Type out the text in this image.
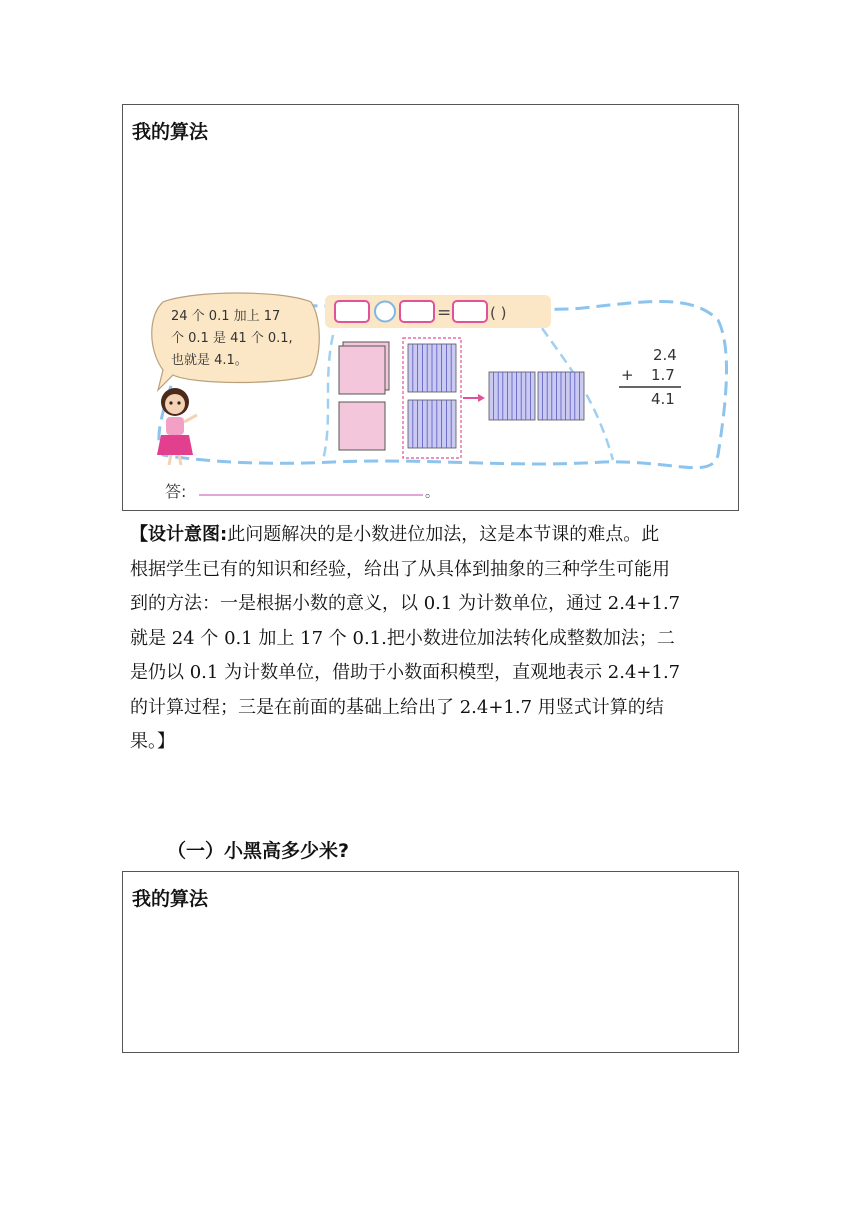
我的算法
24 个 0.1 加上 17 个 0.1 是 41 个 0.1, 也就是 4.1。
=	( )
2.4
+ 1.7
4.1
答:	。
【设计意图:此问题解决的是小数进位加法，这是本节课的难点。此
根据学生已有的知识和经验，给出了从具体到抽象的三种学生可能用
到的方法：一是根据小数的意义，以 0.1 为计数单位，通过 2.4+1.7
就是 24 个 0.1 加上 17 个 0.1.把小数进位加法转化成整数加法；二
是仍以 0.1 为计数单位，借助于小数面积模型，直观地表示 2.4+1.7
的计算过程；三是在前面的基础上给出了 2.4+1.7 用竖式计算的结
果。】
（一）小黑高多少米?
我的算法
